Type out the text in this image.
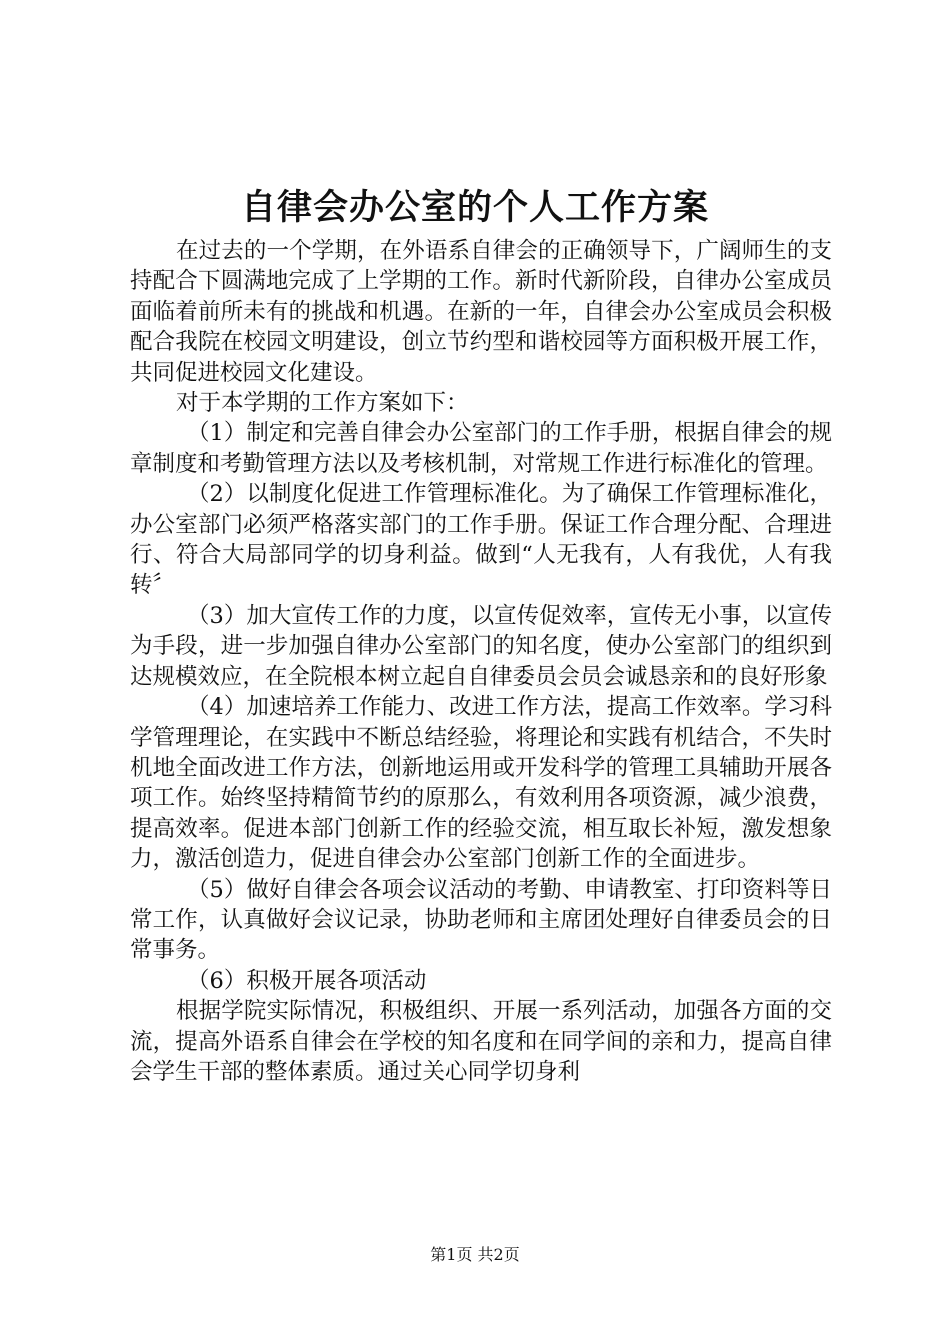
自律会办公室的个人工作方案

在过去的一个学期，在外语系自律会的正确领导下，广阔师生的支持配合下圆满地完成了上学期的工作。新时代新阶段，自律办公室成员面临着前所未有的挑战和机遇。在新的一年，自律会办公室成员会积极配合我院在校园文明建设，创立节约型和谐校园等方面积极开展工作，共同促进校园文化建设。

对于本学期的工作方案如下：

（1）制定和完善自律会办公室部门的工作手册，根据自律会的规章制度和考勤管理方法以及考核机制，对常规工作进行标准化的管理。

（2）以制度化促进工作管理标准化。为了确保工作管理标准化，办公室部门必须严格落实部门的工作手册。保证工作合理分配、合理进行、符合大局部同学的切身利益。做到“人无我有，人有我优，人有我转〞

（3）加大宣传工作的力度，以宣传促效率，宣传无小事，以宣传为手段，进一步加强自律办公室部门的知名度，使办公室部门的组织到达规模效应，在全院根本树立起自自律委员会员会诚恳亲和的良好形象

（4）加速培养工作能力、改进工作方法，提高工作效率。学习科学管理理论，在实践中不断总结经验，将理论和实践有机结合，不失时机地全面改进工作方法，创新地运用或开发科学的管理工具辅助开展各项工作。始终坚持精简节约的原那么，有效利用各项资源，减少浪费，提高效率。促进本部门创新工作的经验交流，相互取长补短，激发想象力，激活创造力，促进自律会办公室部门创新工作的全面进步。

（5）做好自律会各项会议活动的考勤、申请教室、打印资料等日常工作，认真做好会议记录，协助老师和主席团处理好自律委员会的日常事务。

（6）积极开展各项活动

根据学院实际情况，积极组织、开展一系列活动，加强各方面的交流，提高外语系自律会在学校的知名度和在同学间的亲和力，提高自律会学生干部的整体素质。通过关心同学切身利

第1页 共2页
